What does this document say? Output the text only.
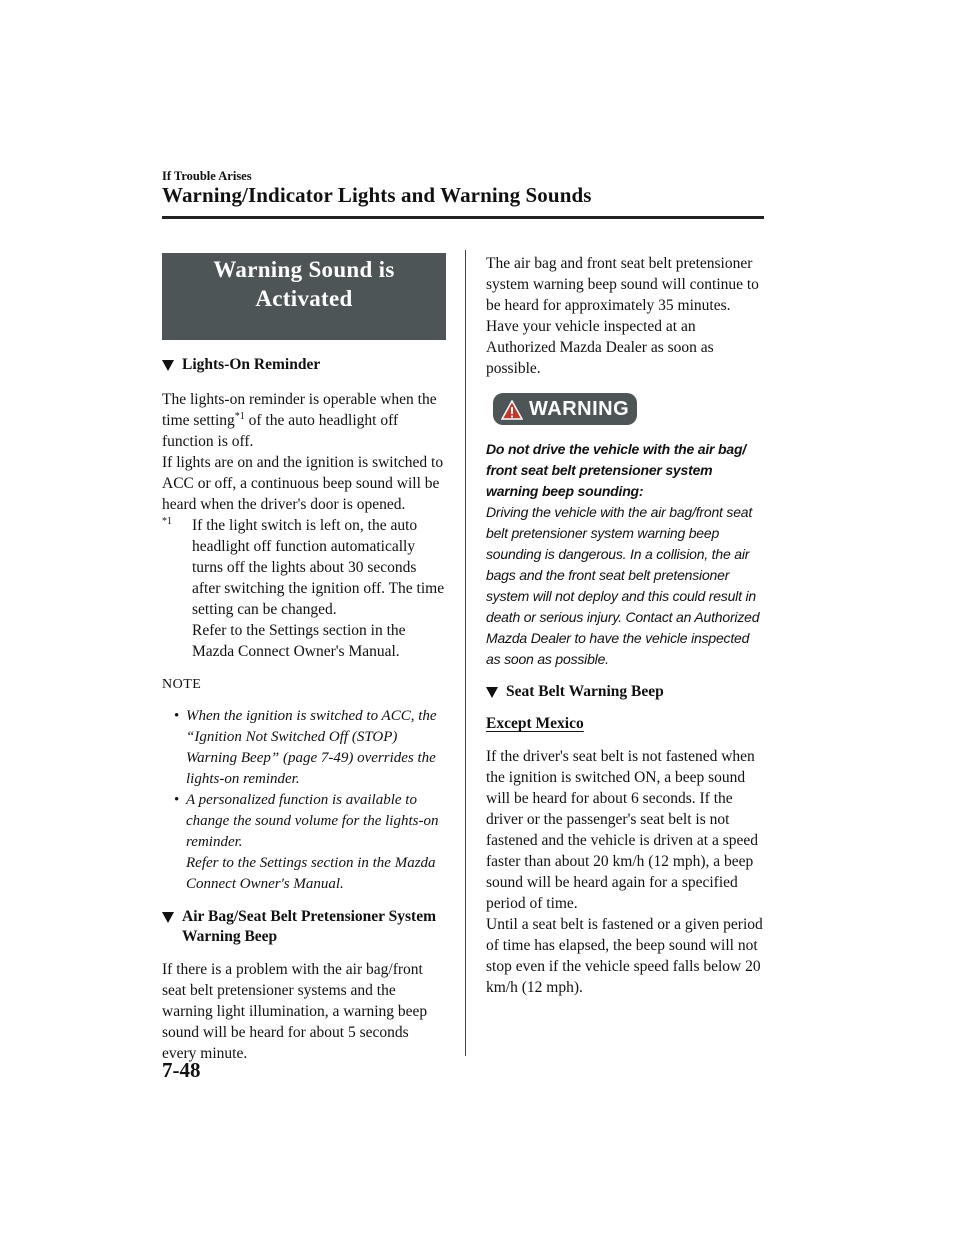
If Trouble Arises
Warning/Indicator Lights and Warning Sounds
Warning Sound is
Activated
Lights-On Reminder

The lights-on reminder is operable when the time setting$^{*1}$ of the auto headlight off function is off.

If lights are on and the ignition is switched to ACC or off, a continuous beep sound will be heard when the driver's door is opened.

$^{*1}$ If the light switch is left on, the auto headlight off function automatically turns off the lights about 30 seconds after switching the ignition off. The time setting can be changed.

Refer to the Settings section in the Mazda Connect Owner's Manual.

NOTE

• When the ignition is switched to ACC, the “Ignition Not Switched Off (STOP) Warning Beep” (page 7-49) overrides the lights-on reminder.

• A personalized function is available to change the sound volume for the lights-on reminder.

Refer to the Settings section in the Mazda Connect Owner's Manual.

Air Bag/Seat Belt Pretensioner System Warning Beep

If there is a problem with the air bag/front seat belt pretensioner systems and the warning light illumination, a warning beep sound will be heard for about 5 seconds every minute.

The air bag and front seat belt pretensioner system warning beep sound will continue to be heard for approximately 35 minutes. Have your vehicle inspected at an Authorized Mazda Dealer as soon as possible.

WARNING

Do not drive the vehicle with the air bag/ front seat belt pretensioner system warning beep sounding:

Driving the vehicle with the air bag/front seat belt pretensioner system warning beep sounding is dangerous. In a collision, the air bags and the front seat belt pretensioner system will not deploy and this could result in death or serious injury. Contact an Authorized Mazda Dealer to have the vehicle inspected as soon as possible.

Seat Belt Warning Beep

Except Mexico

If the driver's seat belt is not fastened when the ignition is switched ON, a beep sound will be heard for about 6 seconds. If the driver or the passenger's seat belt is not fastened and the vehicle is driven at a speed faster than about 20 km/h (12 mph), a beep sound will be heard again for a specified period of time.

Until a seat belt is fastened or a given period of time has elapsed, the beep sound will not stop even if the vehicle speed falls below 20 km/h (12 mph).

7-48
